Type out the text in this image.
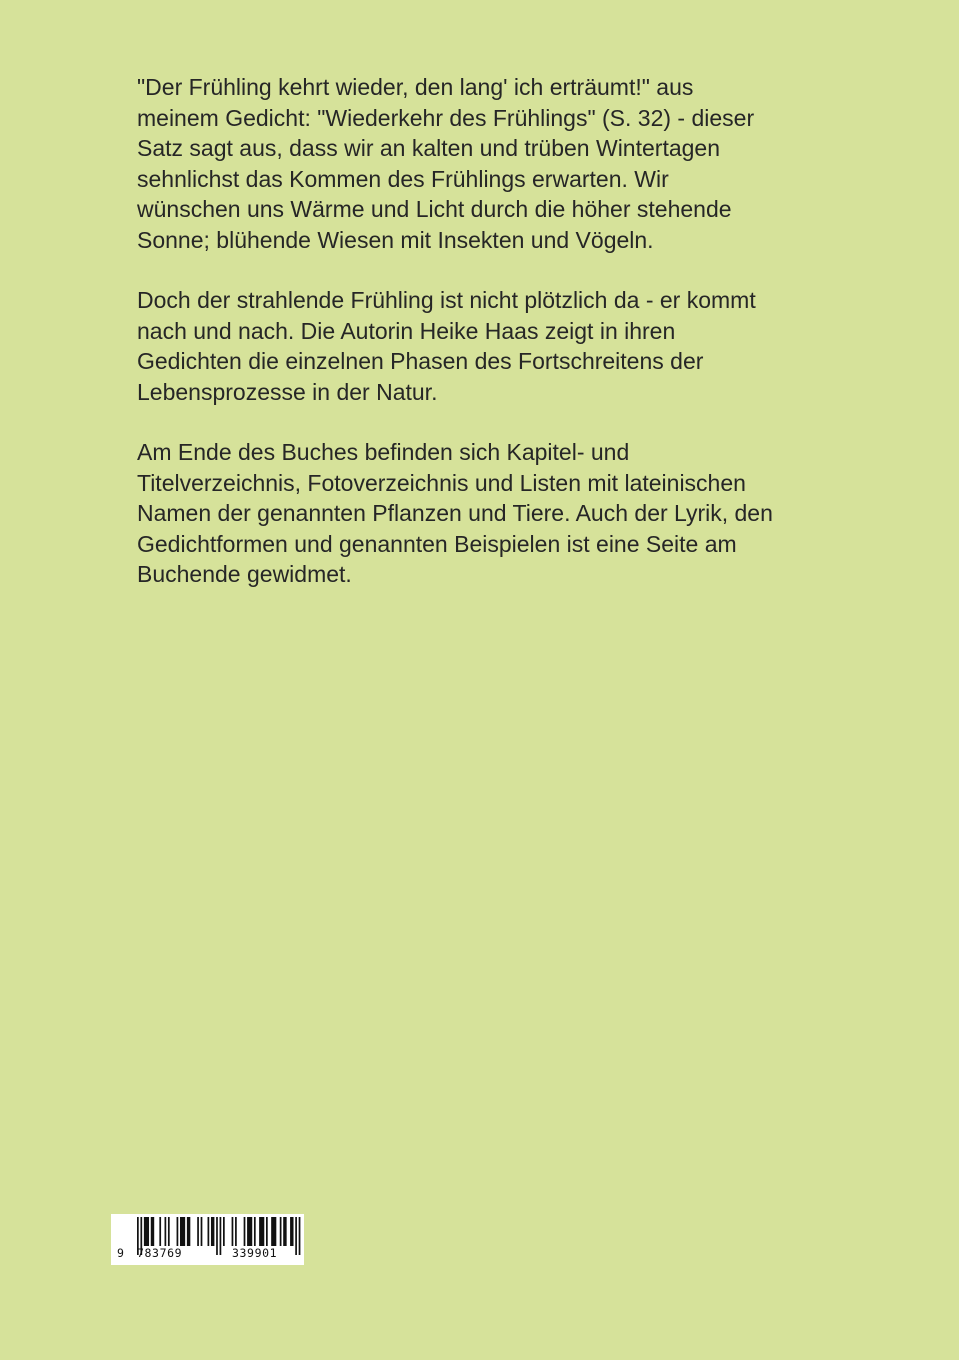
"Der Frühling kehrt wieder, den lang' ich erträumt!" aus
meinem Gedicht: "Wiederkehr des Frühlings" (S. 32) - dieser
Satz sagt aus, dass wir an kalten und trüben Wintertagen
sehnlichst das Kommen des Frühlings erwarten. Wir
wünschen uns Wärme und Licht durch die höher stehende
Sonne; blühende Wiesen mit Insekten und Vögeln.

Doch der strahlende Frühling ist nicht plötzlich da - er kommt
nach und nach. Die Autorin Heike Haas zeigt in ihren
Gedichten die einzelnen Phasen des Fortschreitens der
Lebensprozesse in der Natur.

Am Ende des Buches befinden sich Kapitel- und
Titelverzeichnis, Fotoverzeichnis und Listen mit lateinischen
Namen der genannten Pflanzen und Tiere. Auch der Lyrik, den
Gedichtformen und genannten Beispielen ist eine Seite am
Buchende gewidmet.

9 783769	339901
